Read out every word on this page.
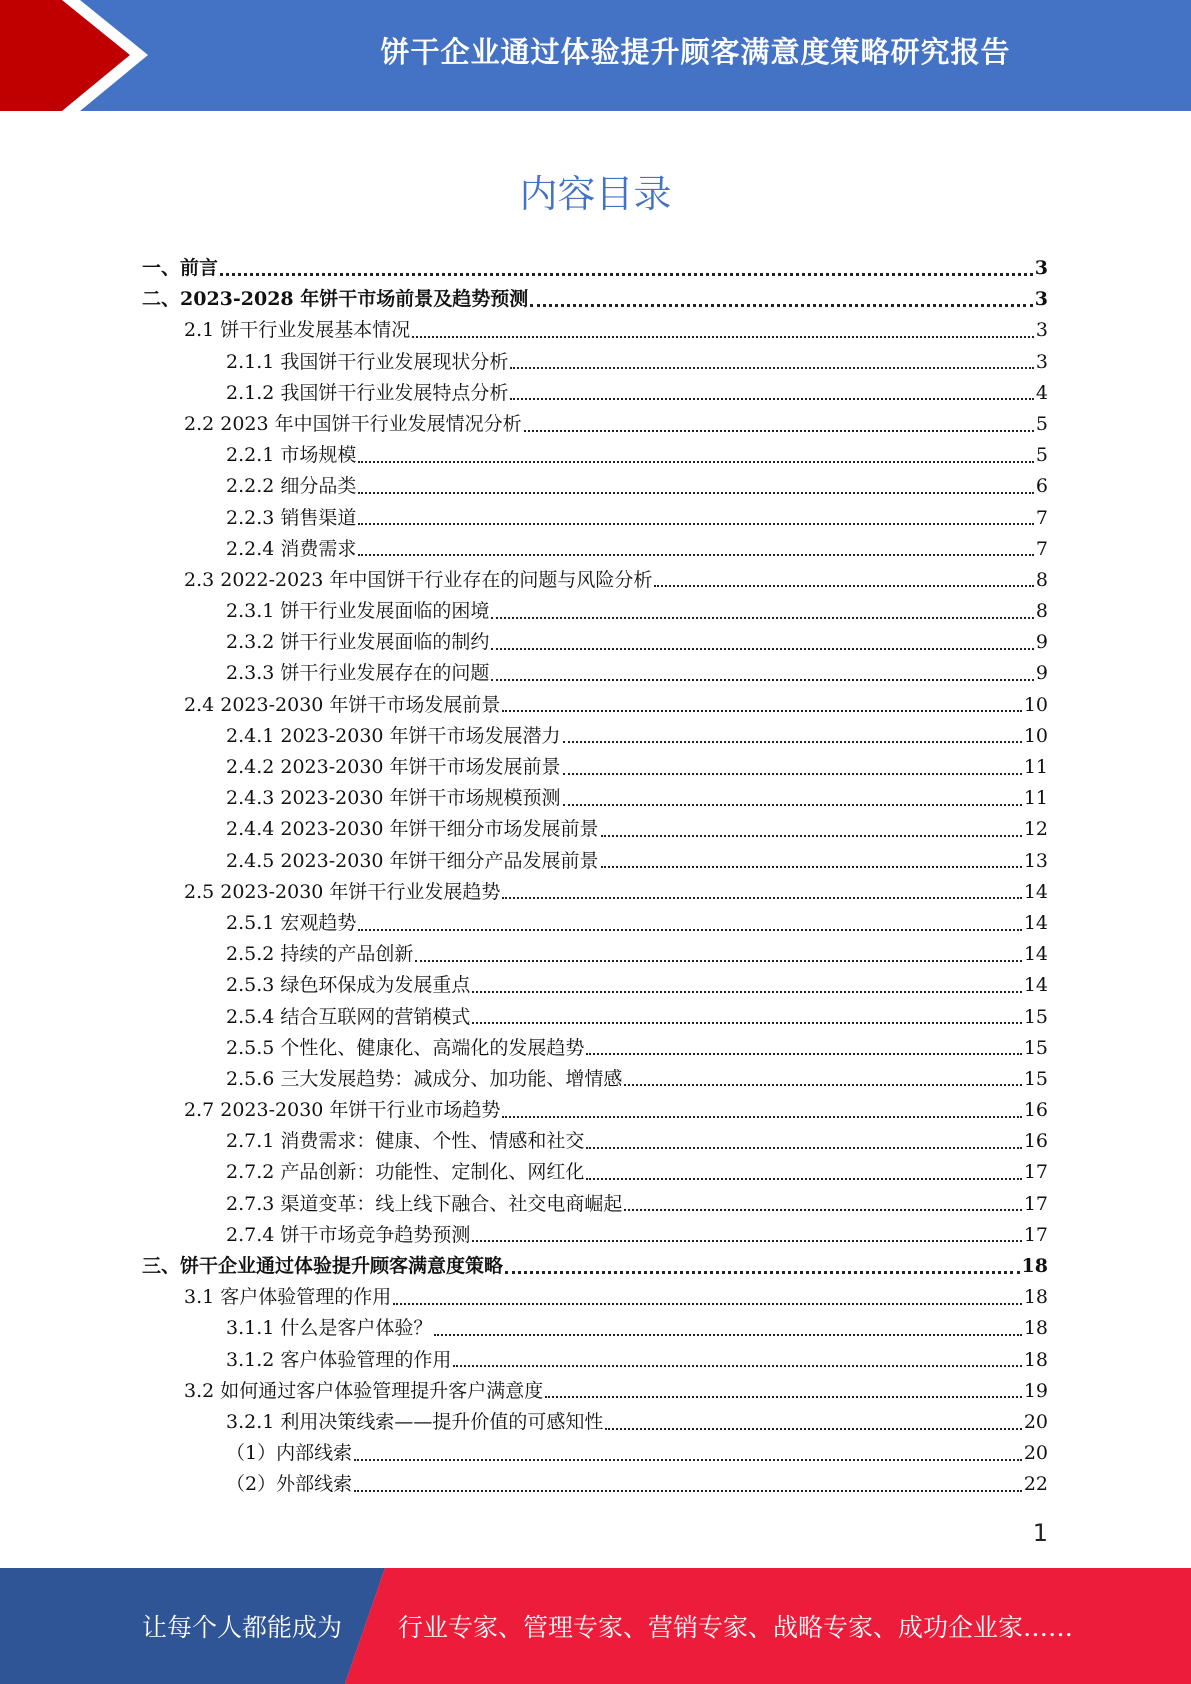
饼干企业通过体验提升顾客满意度策略研究报告
内容目录
一、前言	3
二、2023-2028 年饼干市场前景及趋势预测	3
2.1 饼干行业发展基本情况	3
2.1.1 我国饼干行业发展现状分析	3
2.1.2 我国饼干行业发展特点分析	4
2.2 2023 年中国饼干行业发展情况分析	5
2.2.1 市场规模	5
2.2.2 细分品类	6
2.2.3 销售渠道	7
2.2.4 消费需求	7
2.3 2022-2023 年中国饼干行业存在的问题与风险分析	8
2.3.1 饼干行业发展面临的困境	8
2.3.2 饼干行业发展面临的制约	9
2.3.3 饼干行业发展存在的问题	9
2.4 2023-2030 年饼干市场发展前景	10
2.4.1 2023-2030 年饼干市场发展潜力	10
2.4.2 2023-2030 年饼干市场发展前景	11
2.4.3 2023-2030 年饼干市场规模预测	11
2.4.4 2023-2030 年饼干细分市场发展前景	12
2.4.5 2023-2030 年饼干细分产品发展前景	13
2.5 2023-2030 年饼干行业发展趋势	14
2.5.1 宏观趋势	14
2.5.2 持续的产品创新	14
2.5.3 绿色环保成为发展重点	14
2.5.4 结合互联网的营销模式	15
2.5.5 个性化、健康化、高端化的发展趋势	15
2.5.6 三大发展趋势：减成分、加功能、增情感	15
2.7 2023-2030 年饼干行业市场趋势	16
2.7.1 消费需求：健康、个性、情感和社交	16
2.7.2 产品创新：功能性、定制化、网红化	17
2.7.3 渠道变革：线上线下融合、社交电商崛起	17
2.7.4 饼干市场竞争趋势预测	17
三、饼干企业通过体验提升顾客满意度策略	18
3.1 客户体验管理的作用	18
3.1.1 什么是客户体验？	18
3.1.2 客户体验管理的作用	18
3.2 如何通过客户体验管理提升客户满意度	19
3.2.1 利用决策线索——提升价值的可感知性	20
（1）内部线索	20
（2）外部线索	22
1
让每个人都能成为 行业专家、管理专家、营销专家、战略专家、成功企业家……
